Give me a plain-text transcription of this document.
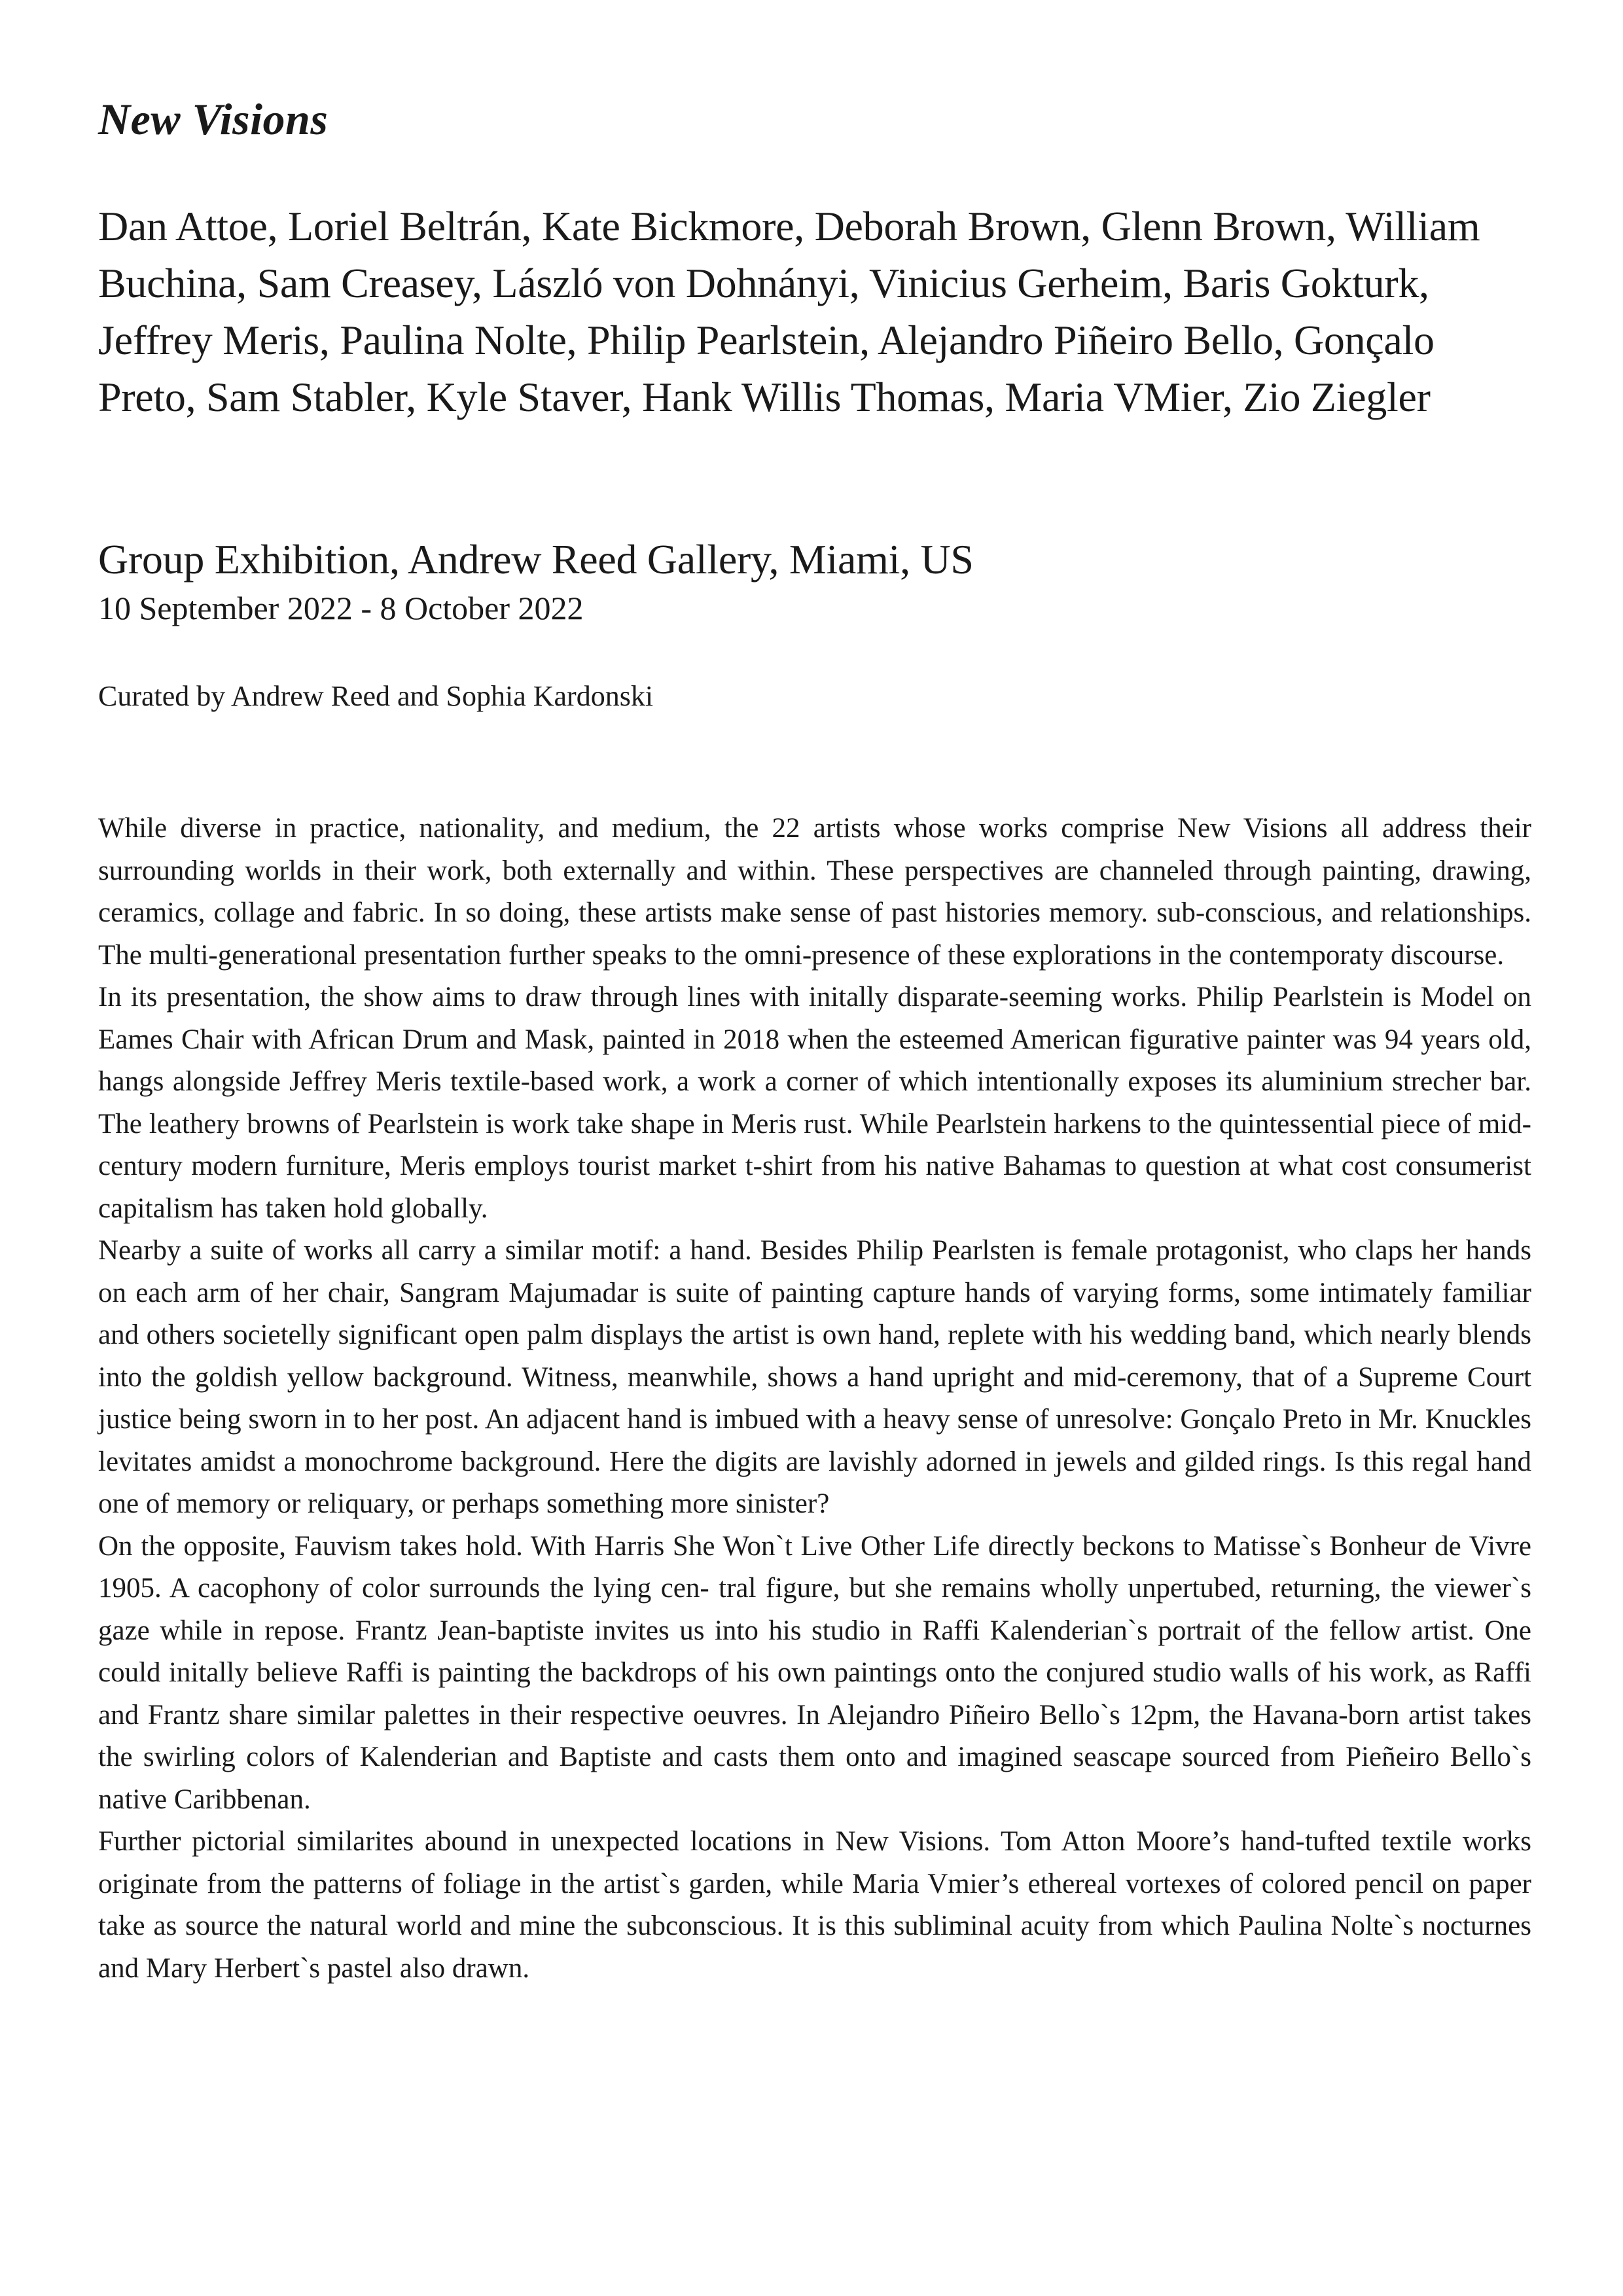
New Visions

Dan Attoe, Loriel Beltrán, Kate Bickmore, Deborah Brown, Glenn Brown, William Buchina, Sam Creasey, László von Dohnányi, Vinicius Gerheim, Baris Gokturk, Jeffrey Meris, Paulina Nolte, Philip Pearlstein, Alejandro Piñeiro Bello, Gonçalo Preto, Sam Stabler, Kyle Staver, Hank Willis Thomas, Maria VMier, Zio Ziegler

Group Exhibition, Andrew Reed Gallery, Miami, US

10 September 2022 - 8 October 2022

Curated by Andrew Reed and Sophia Kardonski

While diverse in practice, nationality, and medium, the 22 artists whose works comprise New Visions all address their surrounding worlds in their work, both externally and within. These perspectives are channeled through painting, drawing, ceramics, collage and fabric. In so doing, these artists make sense of past histories memory. sub-conscious, and relationships. The multi-generational presentation further speaks to the omni-presence of these explorations in the contemporaty discourse.

In its presentation, the show aims to draw through lines with initally disparate-seeming works. Philip Pearlstein is Model on Eames Chair with African Drum and Mask, painted in 2018 when the esteemed American figurative painter was 94 years old, hangs alongside Jeffrey Meris textile-based work, a work a corner of which intentionally exposes its aluminium strecher bar. The leathery browns of Pearlstein is work take shape in Meris rust. While Pearlstein harkens to the quintessential piece of mid-century modern furniture, Meris employs tourist market t-shirt from his native Bahamas to question at what cost consumerist capitalism has taken hold globally.

Nearby a suite of works all carry a similar motif: a hand. Besides Philip Pearlsten is female protagonist, who claps her hands on each arm of her chair, Sangram Majumadar is suite of painting capture hands of varying forms, some intimately familiar and others societelly significant open palm displays the artist is own hand, replete with his wedding band, which nearly blends into the goldish yellow background. Witness, meanwhile, shows a hand upright and mid-ceremony, that of a Supreme Court justice being sworn in to her post. An adjacent hand is imbued with a heavy sense of unresolve: Gonçalo Preto in Mr. Knuckles levitates amidst a monochrome background. Here the digits are lavishly adorned in jewels and gilded rings. Is this regal hand one of memory or reliquary, or perhaps something more sinister?

On the opposite, Fauvism takes hold. With Harris She Won`t Live Other Life directly beckons to Matisse`s Bonheur de Vivre 1905. A cacophony of color surrounds the lying cen- tral figure, but she remains wholly unpertubed, returning, the viewer`s gaze while in repose. Frantz Jean-baptiste invites us into his studio in Raffi Kalenderian`s portrait of the fellow artist. One could initally believe Raffi is painting the backdrops of his own paintings onto the conjured studio walls of his work, as Raffi and Frantz share similar palettes in their respective oeuvres. In Alejandro Piñeiro Bello`s 12pm, the Havana-born artist takes the swirling colors of Kalenderian and Baptiste and casts them onto and imagined seascape sourced from Pieñeiro Bello`s native Caribbenan.

Further pictorial similarites abound in unexpected locations in New Visions. Tom Atton Moore’s hand-tufted textile works originate from the patterns of foliage in the artist`s garden, while Maria Vmier’s ethereal vortexes of colored pencil on paper take as source the natural world and mine the subconscious. It is this subliminal acuity from which Paulina Nolte`s nocturnes and Mary Herbert`s pastel also drawn.
